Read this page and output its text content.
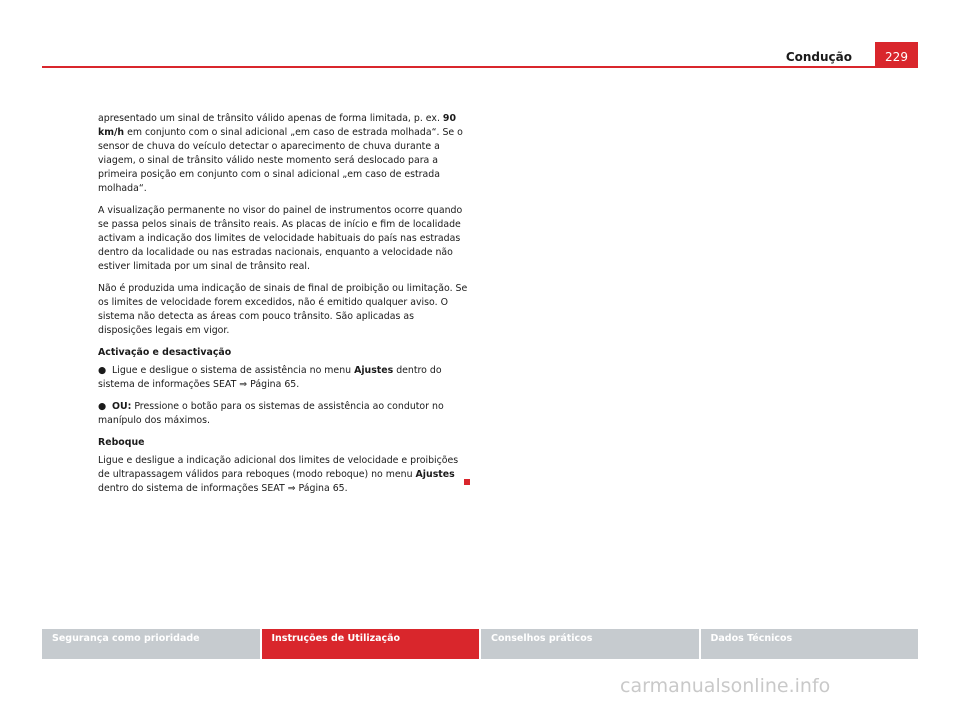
Condução	229

apresentado um sinal de trânsito válido apenas de forma limitada, p. ex. 90 km/h em conjunto com o sinal adicional „em caso de estrada molhada“. Se o sensor de chuva do veículo detectar o aparecimento de chuva durante a viagem, o sinal de trânsito válido neste momento será deslocado para a primeira posição em conjunto com o sinal adicional „em caso de estrada molhada“.

A visualização permanente no visor do painel de instrumentos ocorre quando se passa pelos sinais de trânsito reais. As placas de início e fim de localidade activam a indicação dos limites de velocidade habituais do país nas estradas dentro da localidade ou nas estradas nacionais, enquanto a velocidade não estiver limitada por um sinal de trânsito real.

Não é produzida uma indicação de sinais de final de proibição ou limitação. Se os limites de velocidade forem excedidos, não é emitido qualquer aviso. O sistema não detecta as áreas com pouco trânsito. São aplicadas as disposições legais em vigor.

Activação e desactivação

● Ligue e desligue o sistema de assistência no menu Ajustes dentro do sistema de informações SEAT ⇒ Página 65.

● OU: Pressione o botão para os sistemas de assistência ao condutor no manípulo dos máximos.

Reboque

Ligue e desligue a indicação adicional dos limites de velocidade e proibições de ultrapassagem válidos para reboques (modo reboque) no menu Ajustes dentro do sistema de informações SEAT ⇒ Página 65.

Segurança como prioridade	Instruções de Utilização	Conselhos práticos	Dados Técnicos
carmanualsonline.info
